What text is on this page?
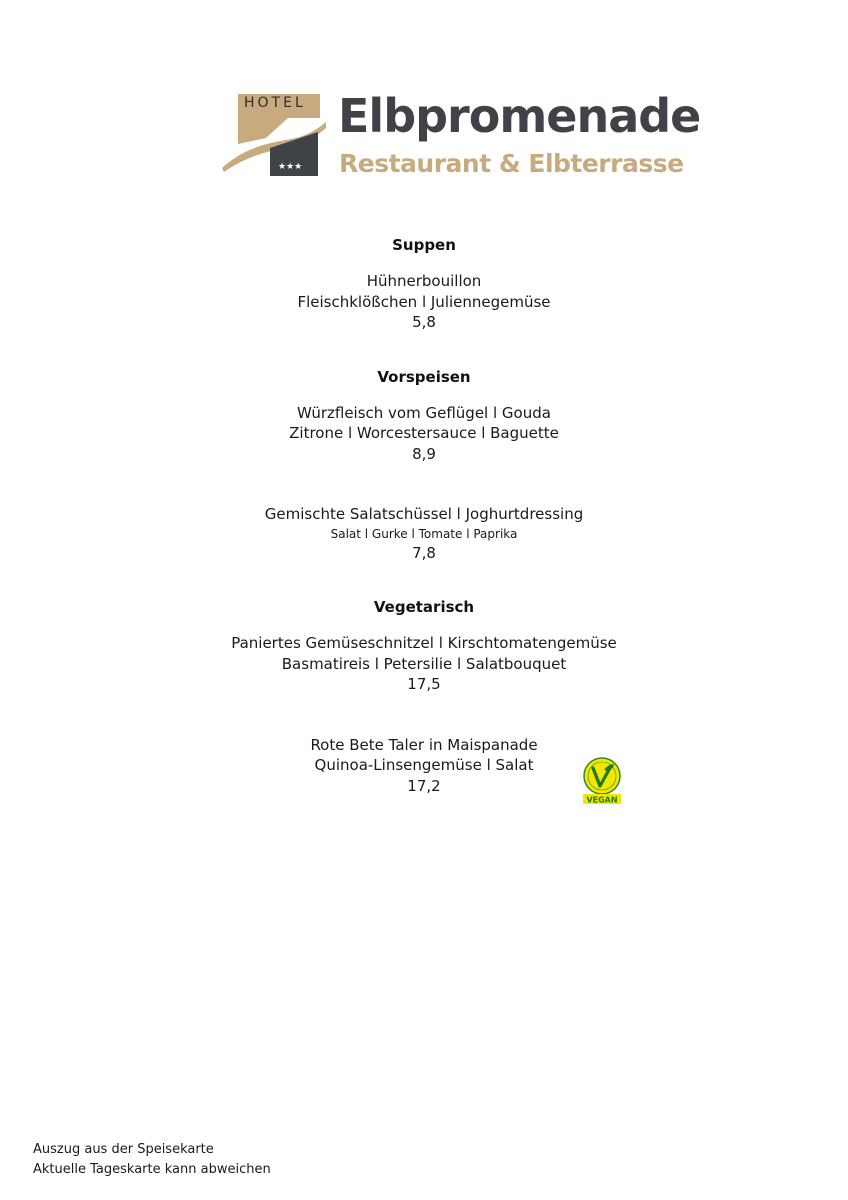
★★★
HOTEL Elbpromenade
Restaurant & Elbterrasse

Suppen

Hühnerbouillon

Fleischklößchen l Juliennegemüse

5,8

Vorspeisen

Würzfleisch vom Geflügel l Gouda

Zitrone l Worcestersauce l Baguette

8,9

Gemischte Salatschüssel l Joghurtdressing

Salat l Gurke l Tomate l Paprika

7,8

Vegetarisch

Paniertes Gemüseschnitzel l Kirschtomatengemüse

Basmatireis l Petersilie l Salatbouquet

17,5

Rote Bete Taler in Maispanade

Quinoa-Linsengemüse l Salat

17,2

VEGAN
Auszug aus der Speisekarte
Aktuelle Tageskarte kann abweichen
